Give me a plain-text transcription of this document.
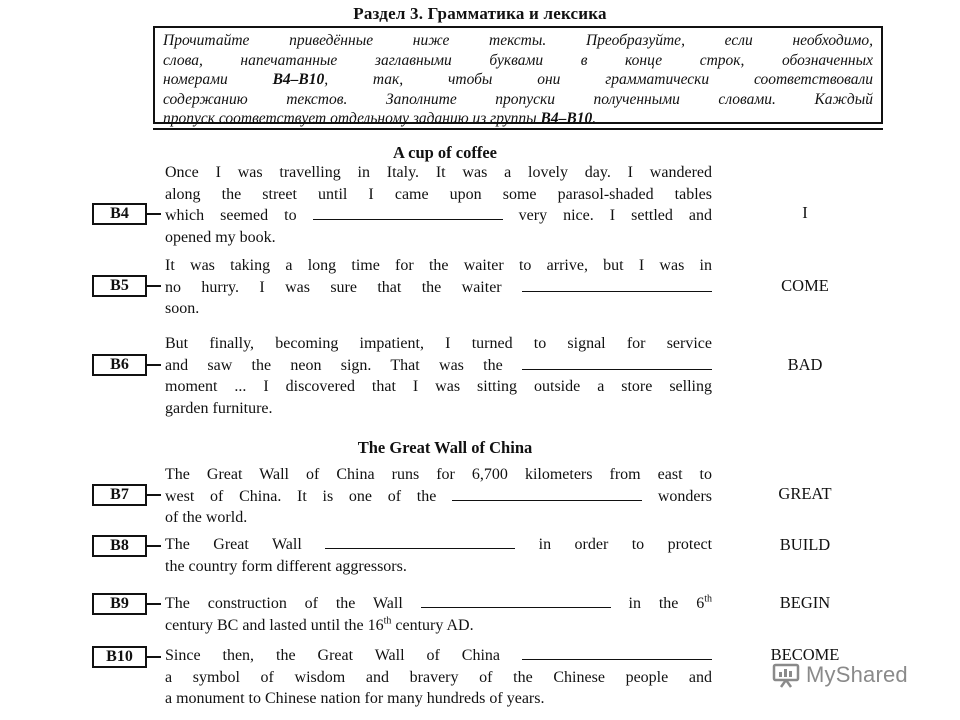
Раздел 3. Грамматика и лексика
Прочитайте приведённые ниже тексты. Преобразуйте, если необходимо,
слова, напечатанные заглавными буквами в конце строк, обозначенных
номерами B4–B10, так, чтобы они грамматически соответствовали
содержанию текстов. Заполните пропуски полученными словами. Каждый
пропуск соответствует отдельному заданию из группы B4–B10.
A cup of coffee
B4
Once I was travelling in Italy. It was a lovely day. I wandered
along the street until I came upon some parasol-shaded tables
which seemed to	very nice. I settled and
opened my book.
I
B5
It was taking a long time for the waiter to arrive, but I was in
no hurry. I was sure that the waiter
soon.
COME
B6
But finally, becoming impatient, I turned to signal for service
and saw the neon sign. That was the
moment ... I discovered that I was sitting outside a store selling
garden furniture.
BAD
The Great Wall of China
B7
The Great Wall of China runs for 6,700 kilometers from east to
west of China. It is one of the	wonders
of the world.
GREAT
B8	The Great Wall	in order to protect
the country form different aggressors.
BUILD
B9	The construction of the Wall	in the 6th
century BC and lasted until the 16th century AD.
BEGIN
B10	Since then, the Great Wall of China
a symbol of wisdom and bravery of the Chinese people and
a monument to Chinese nation for many hundreds of years.
BECOME
MyShared
